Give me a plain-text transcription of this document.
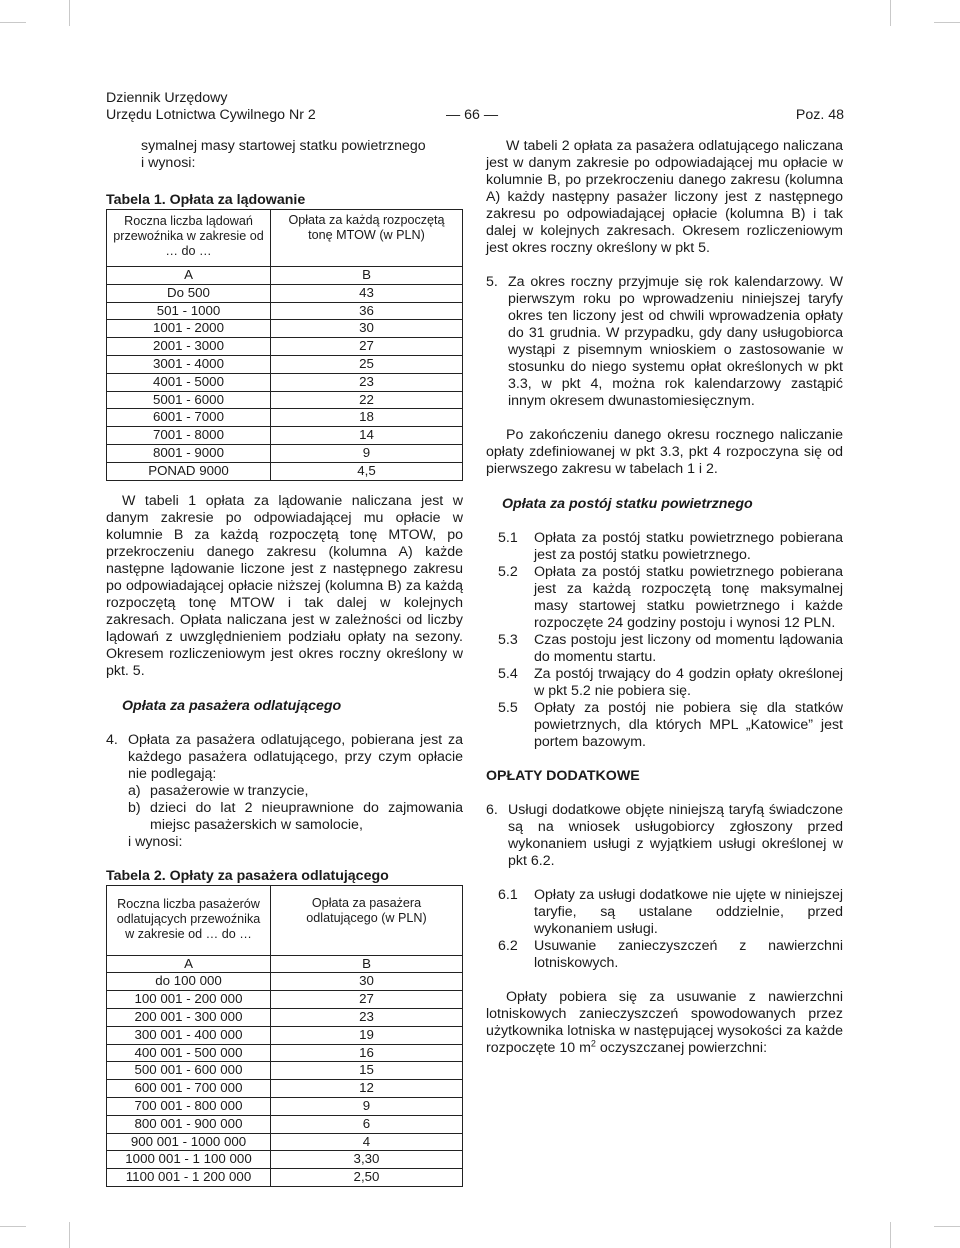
Dziennik Urzędowy
Urzędu Lotnictwa Cywilnego Nr 2	— 66 —	Poz. 48

symalnej masy startowej statku powietrznego

i wynosi:

Tabela 1. Opłata za lądowanie

Roczna liczba lądowań przewoźnika w zakresie od … do …	Opłata za każdą rozpoczętą tonę MTOW (w PLN)
A	B
Do 500	43
501 - 1000	36
1001 - 2000	30
2001 - 3000	27
3001 - 4000	25
4001 - 5000	23
5001 - 6000	22
6001 - 7000	18
7001 - 8000	14
8001 - 9000	9
PONAD 9000	4,5

W tabeli 1 opłata za lądowanie naliczana jest w danym zakresie po odpowiadającej mu opłacie w kolumnie B za każdą rozpoczętą tonę MTOW, po przekroczeniu danego zakresu (kolumna A) każde następne lądowanie liczone jest z następnego zakresu po odpowiadającej opłacie niższej (kolumna B) za każdą rozpoczętą tonę MTOW i tak dalej w kolejnych zakresach. Opłata naliczana jest w zależności od liczby lądowań z uwzględnieniem podziału opłaty na sezony. Okresem rozliczeniowym jest okres roczny określony w pkt. 5.

Opłata za pasażera odlatującego

4. Opłata za pasażera odlatującego, pobierana jest za każdego pasażera odlatującego, przy czym opłacie nie podlegają:

a) pasażerowie w tranzycie,

b) dzieci do lat 2 nieuprawnione do zajmowania miejsc pasażerskich w samolocie,

i wynosi:

Tabela 2. Opłaty za pasażera odlatującego

Roczna liczba pasażerów odlatujących przewoźnika w zakresie od … do …	Opłata za pasażera odlatującego (w PLN)
A	B
do 100 000	30
100 001 - 200 000	27
200 001 - 300 000	23
300 001 - 400 000	19
400 001 - 500 000	16
500 001 - 600 000	15
600 001 - 700 000	12
700 001 - 800 000	9
800 001 - 900 000	6
900 001 - 1000 000	4
1000 001 - 1 100 000	3,30
1100 001 - 1 200 000	2,50

W tabeli 2 opłata za pasażera odlatującego naliczana jest w danym zakresie po odpowiadającej mu opłacie w kolumnie B, po przekroczeniu danego zakresu (kolumna A) każdy następny pasażer liczony jest z następnego zakresu po odpowiadającej opłacie (kolumna B) i tak dalej w kolejnych zakresach. Okresem rozliczeniowym jest okres roczny określony w pkt 5.

5. Za okres roczny przyjmuje się rok kalendarzowy. W pierwszym roku po wprowadzeniu niniejszej taryfy okres ten liczony jest od chwili wprowadzenia opłaty do 31 grudnia. W przypadku, gdy dany usługobiorca wystąpi z pisemnym wnioskiem o zastosowanie w stosunku do niego systemu opłat określonych w pkt 3.3, w pkt 4, można rok kalendarzowy zastąpić innym okresem dwunastomiesięcznym.

Po zakończeniu danego okresu rocznego naliczanie opłaty zdefiniowanej w pkt 3.3, pkt 4 rozpoczyna się od pierwszego zakresu w tabelach 1 i 2.

Opłata za postój statku powietrznego

5.1 Opłata za postój statku powietrznego pobierana jest za postój statku powietrznego.

5.2 Opłata za postój statku powietrznego pobierana jest za każdą rozpoczętą tonę maksymalnej masy startowej statku powietrznego i każde rozpoczęte 24 godziny postoju i wynosi 12 PLN.

5.3 Czas postoju jest liczony od momentu lądowania do momentu startu.

5.4 Za postój trwający do 4 godzin opłaty określonej w pkt 5.2 nie pobiera się.

5.5 Opłaty za postój nie pobiera się dla statków powietrznych, dla których MPL „Katowice” jest portem bazowym.

OPŁATY DODATKOWE

6. Usługi dodatkowe objęte niniejszą taryfą świadczone są na wniosek usługobiorcy zgłoszony przed wykonaniem usługi z wyjątkiem usługi określonej w pkt 6.2.

6.1 Opłaty za usługi dodatkowe nie ujęte w niniejszej taryfie, są ustalane oddzielnie, przed wykonaniem usługi.

6.2 Usuwanie zanieczyszczeń z nawierzchni lotniskowych.

Opłaty pobiera się za usuwanie z nawierzchni lotniskowych zanieczyszczeń spowodowanych przez użytkownika lotniska w następującej wysokości za każde rozpoczęte 10 $m^2$ oczyszczanej powierzchni:
